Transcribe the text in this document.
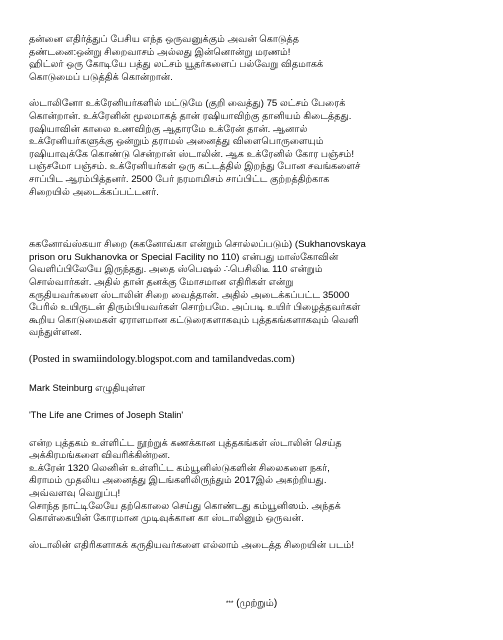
தன்னை எதிர்த்துப் பேசிய எந்த ஒருவனுக்கும் அவன் கொடுத்த

தண்டனை:ஒன்று சிறைவாசம் அல்லது இன்னொன்று மரணம்!

ஹிட்லர் ஒரு கோடியே பத்து லட்சம் யூதர்களைப் பல்வேறு விதமாகக்

கொடுமைப் படுத்திக் கொன்றான்.

ஸ்டாலினோ உக்ரேனியர்களில் மட்டுமே (குறி வைத்து) 75 லட்சம் பேரைக்

கொன்றான். உக்ரேனின் மூலமாகத் தான் ரஷியாவிற்கு தானியம் கிடைத்தது.

ரஷியாவின் காலை உணவிற்கு ஆதாரமே உக்ரேன் தான். ஆனால்

உக்ரேனியர்களுக்கு ஒன்றும் தராமல் அனைத்து விளைபொருளையும்

ரஷியாவுக்கே கொண்டு சென்றான் ஸ்டாலின். ஆக உக்ரேனில் கோர பஞ்சம்!

பஞ்சமோ பஞ்சம். உக்ரேனியர்கள் ஒரு கட்டத்தில் இறந்து போன சவங்களைச்

சாப்பிட ஆரம்பித்தனர். 2500 பேர் நரமாமிசம் சாப்பிட்ட குற்றத்திற்காக

சிறையில் அடைக்கப்பட்டனர்.

சுகனோவ்ஸ்கயா சிறை (சுகனோவ்கா என்றும் சொல்லப்படும்) (Sukhanovskaya

prison oru Sukhanovka or Special Facility no 110) என்பது மாஸ்கோவின்

வெளிப்பிலேயே இருந்தது. அதை ஸ்பெஷல் ∴பெசிலிடீ 110 என்றும்

சொல்வார்கள். அதில் தான் தனக்கு மோசமான எதிரிகள் என்று

கருதியவர்களை ஸ்டாலின் சிறை வைத்தான். அதில் அடைக்கப்பட்ட 35000

பேரில் உயிருடன் திரும்பியவர்கள் சொற்பமே. அப்படி உயிர் பிழைத்தவர்கள்

கூறிய கொடுமைகள் ஏராளமான கட்டுரைகளாகவும் புத்தகங்களாகவும் வெளி

வந்துள்ளன.

(Posted in swamiindology.blogspot.com and tamilandvedas.com)

Mark Steinburg எழுதியுள்ள

'The Life ane Crimes of Joseph Stalin'

என்ற புத்தகம் உள்ளிட்ட நூற்றுக் கணக்கான புத்தகங்கள் ஸ்டாலின் செய்த

அக்கிரமங்களை விவரிக்கின்றன.

உக்ரேன் 1320 லெனின் உள்ளிட்ட கம்யூனிஸ்டுகளின் சிலைகளை நகர்,

கிராமம் முதலிய அனைத்து இடங்களிலிருந்தும் 2017இல் அகற்றியது.

அவ்வளவு வெறுப்பு!

சொந்த நாட்டிலேயே தற்கொலை செய்து கொண்டது கம்யூனிஸம். அந்தக்

கொள்கையின் கோரமான முடிவுக்கான கா ஸ்டாலினும் ஒருவன்.

ஸ்டாலின் எதிரிகளாகக் கருதியவர்களை எல்லாம் அடைத்த சிறையின் படம்!

*** (முற்றும்)
